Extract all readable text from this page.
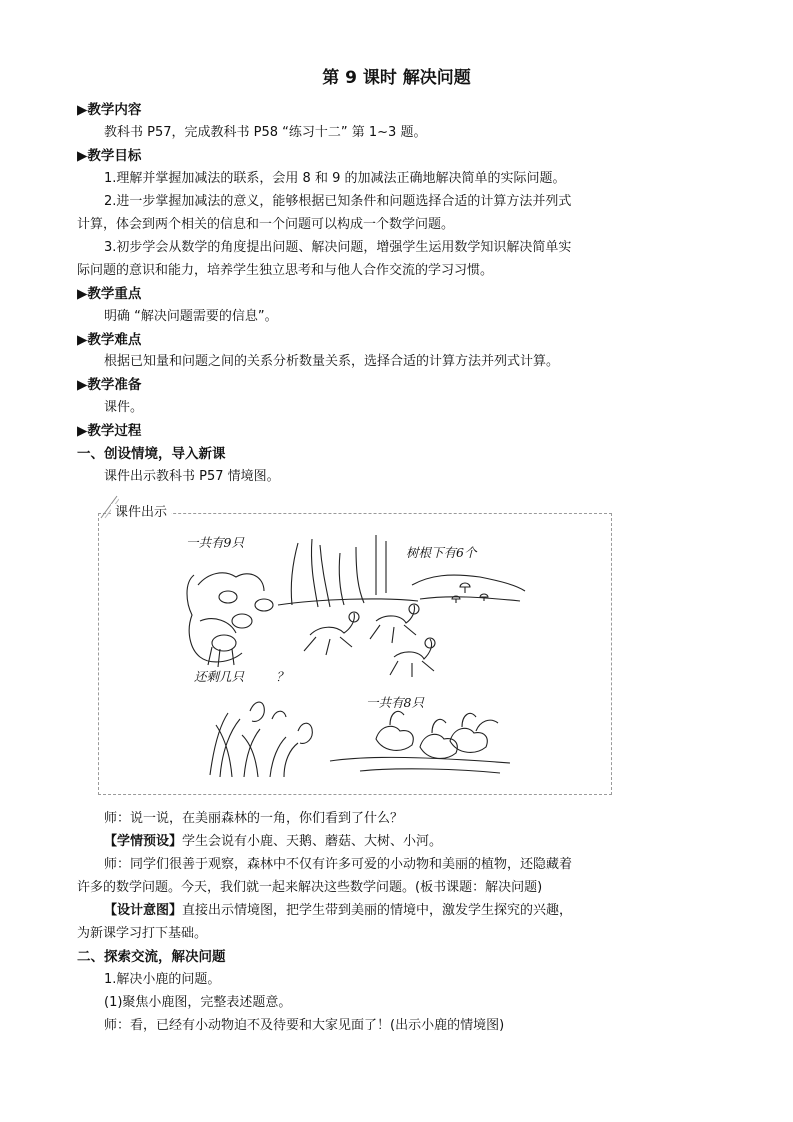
第 9 课时 解决问题
▶教学内容
教科书 P57，完成教科书 P58 “练习十二” 第 1~3 题。
▶教学目标
1.理解并掌握加减法的联系，会用 8 和 9 的加减法正确地解决简单的实际问题。
2.进一步掌握加减法的意义，能够根据已知条件和问题选择合适的计算方法并列式
计算，体会到两个相关的信息和一个问题可以构成一个数学问题。
3.初步学会从数学的角度提出问题、解决问题，增强学生运用数学知识解决简单实
际问题的意识和能力，培养学生独立思考和与他人合作交流的学习习惯。
▶教学重点
明确 “解决问题需要的信息”。
▶教学难点
根据已知量和问题之间的关系分析数量关系，选择合适的计算方法并列式计算。
▶教学准备
课件。
▶教学过程
一、创设情境，导入新课
课件出示教科书 P57 情境图。
课件出示
一共有9只
树根下有6个
还剩几只	？
一共有8只
师：说一说，在美丽森林的一角，你们看到了什么？
【学情预设】学生会说有小鹿、天鹅、蘑菇、大树、小河。
师：同学们很善于观察，森林中不仅有许多可爱的小动物和美丽的植物，还隐藏着
许多的数学问题。今天，我们就一起来解决这些数学问题。(板书课题：解决问题)
【设计意图】直接出示情境图，把学生带到美丽的情境中，激发学生探究的兴趣，
为新课学习打下基础。
二、探索交流，解决问题
1.解决小鹿的问题。
(1)聚焦小鹿图，完整表述题意。
师：看，已经有小动物迫不及待要和大家见面了！(出示小鹿的情境图)
